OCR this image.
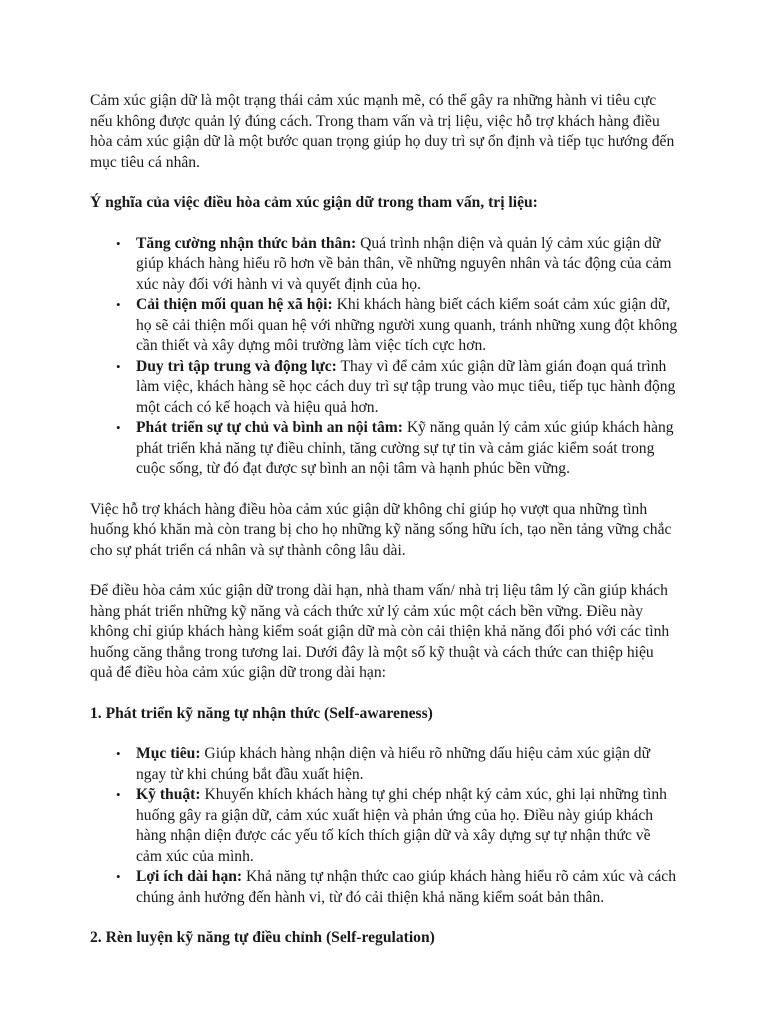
Cảm xúc giận dữ là một trạng thái cảm xúc mạnh mẽ, có thể gây ra những hành vi tiêu cực nếu không được quản lý đúng cách. Trong tham vấn và trị liệu, việc hỗ trợ khách hàng điều hòa cảm xúc giận dữ là một bước quan trọng giúp họ duy trì sự ổn định và tiếp tục hướng đến mục tiêu cá nhân.

Ý nghĩa của việc điều hòa cảm xúc giận dữ trong tham vấn, trị liệu:

• Tăng cường nhận thức bản thân: Quá trình nhận diện và quản lý cảm xúc giận dữ giúp khách hàng hiểu rõ hơn về bản thân, về những nguyên nhân và tác động của cảm xúc này đối với hành vi và quyết định của họ.
• Cải thiện mối quan hệ xã hội: Khi khách hàng biết cách kiểm soát cảm xúc giận dữ, họ sẽ cải thiện mối quan hệ với những người xung quanh, tránh những xung đột không cần thiết và xây dựng môi trường làm việc tích cực hơn.
• Duy trì tập trung và động lực: Thay vì để cảm xúc giận dữ làm gián đoạn quá trình làm việc, khách hàng sẽ học cách duy trì sự tập trung vào mục tiêu, tiếp tục hành động một cách có kế hoạch và hiệu quả hơn.
• Phát triển sự tự chủ và bình an nội tâm: Kỹ năng quản lý cảm xúc giúp khách hàng phát triển khả năng tự điều chỉnh, tăng cường sự tự tin và cảm giác kiểm soát trong cuộc sống, từ đó đạt được sự bình an nội tâm và hạnh phúc bền vững.

Việc hỗ trợ khách hàng điều hòa cảm xúc giận dữ không chỉ giúp họ vượt qua những tình huống khó khăn mà còn trang bị cho họ những kỹ năng sống hữu ích, tạo nền tảng vững chắc cho sự phát triển cá nhân và sự thành công lâu dài.

Để điều hòa cảm xúc giận dữ trong dài hạn, nhà tham vấn/ nhà trị liệu tâm lý cần giúp khách hàng phát triển những kỹ năng và cách thức xử lý cảm xúc một cách bền vững. Điều này không chỉ giúp khách hàng kiểm soát giận dữ mà còn cải thiện khả năng đối phó với các tình huống căng thẳng trong tương lai. Dưới đây là một số kỹ thuật và cách thức can thiệp hiệu quả để điều hòa cảm xúc giận dữ trong dài hạn:

1. Phát triển kỹ năng tự nhận thức (Self-awareness)

• Mục tiêu: Giúp khách hàng nhận diện và hiểu rõ những dấu hiệu cảm xúc giận dữ ngay từ khi chúng bắt đầu xuất hiện.
• Kỹ thuật: Khuyến khích khách hàng tự ghi chép nhật ký cảm xúc, ghi lại những tình huống gây ra giận dữ, cảm xúc xuất hiện và phản ứng của họ. Điều này giúp khách hàng nhận diện được các yếu tố kích thích giận dữ và xây dựng sự tự nhận thức về cảm xúc của mình.
• Lợi ích dài hạn: Khả năng tự nhận thức cao giúp khách hàng hiểu rõ cảm xúc và cách chúng ảnh hưởng đến hành vi, từ đó cải thiện khả năng kiểm soát bản thân.

2. Rèn luyện kỹ năng tự điều chỉnh (Self-regulation)
